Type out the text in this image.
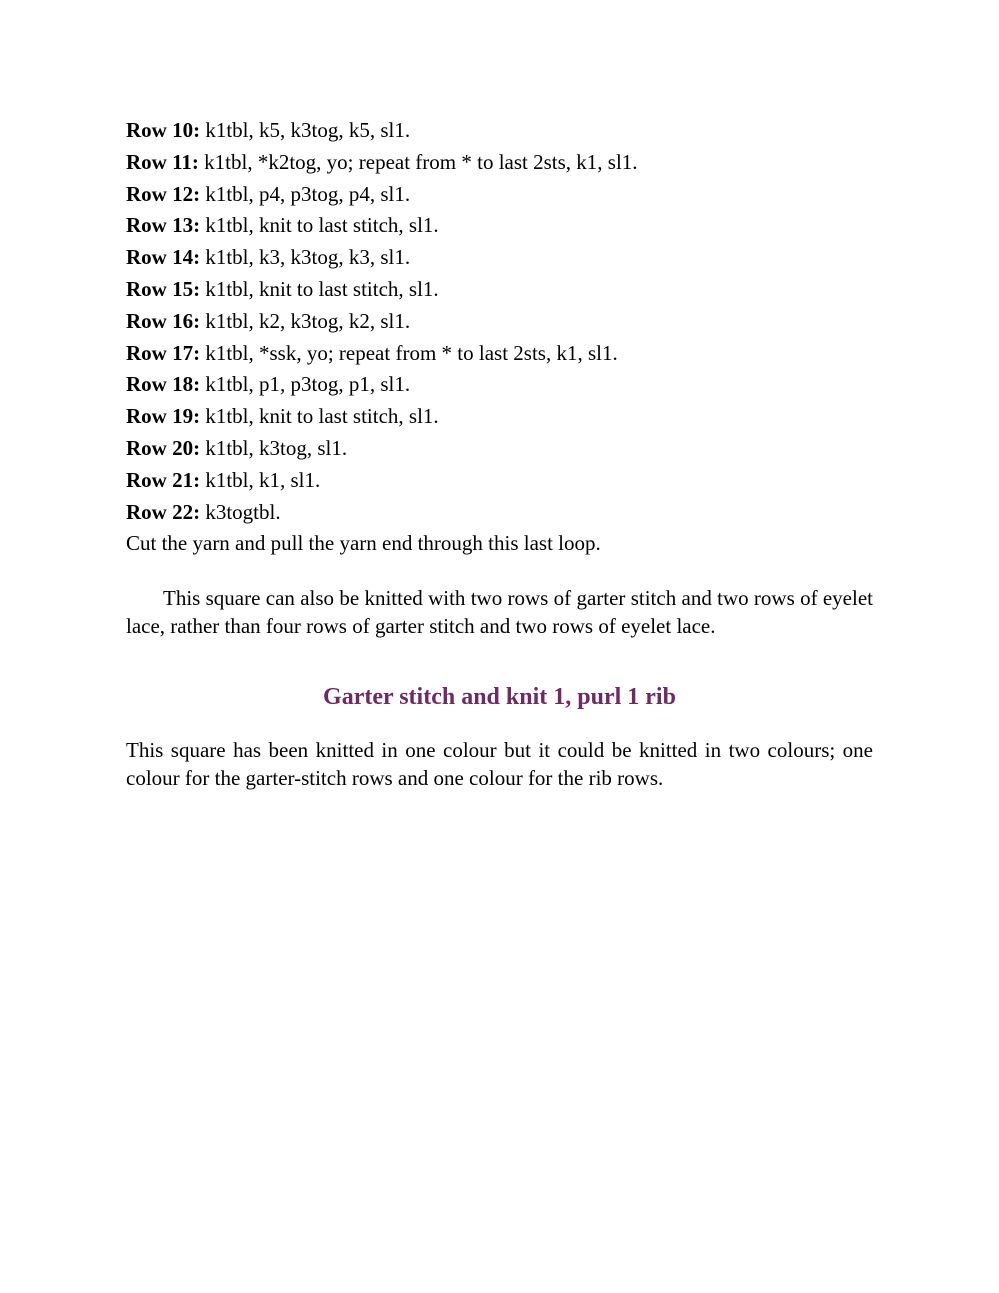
Row 10: k1tbl, k5, k3tog, k5, sl1.
Row 11: k1tbl, *k2tog, yo; repeat from * to last 2sts, k1, sl1.
Row 12: k1tbl, p4, p3tog, p4, sl1.
Row 13: k1tbl, knit to last stitch, sl1.
Row 14: k1tbl, k3, k3tog, k3, sl1.
Row 15: k1tbl, knit to last stitch, sl1.
Row 16: k1tbl, k2, k3tog, k2, sl1.
Row 17: k1tbl, *ssk, yo; repeat from * to last 2sts, k1, sl1.
Row 18: k1tbl, p1, p3tog, p1, sl1.
Row 19: k1tbl, knit to last stitch, sl1.
Row 20: k1tbl, k3tog, sl1.
Row 21: k1tbl, k1, sl1.
Row 22: k3togtbl.
Cut the yarn and pull the yarn end through this last loop.

This square can also be knitted with two rows of garter stitch and two rows of eyelet lace, rather than four rows of garter stitch and two rows of eyelet lace.

Garter stitch and knit 1, purl 1 rib

This square has been knitted in one colour but it could be knitted in two colours; one colour for the garter-stitch rows and one colour for the rib rows.
